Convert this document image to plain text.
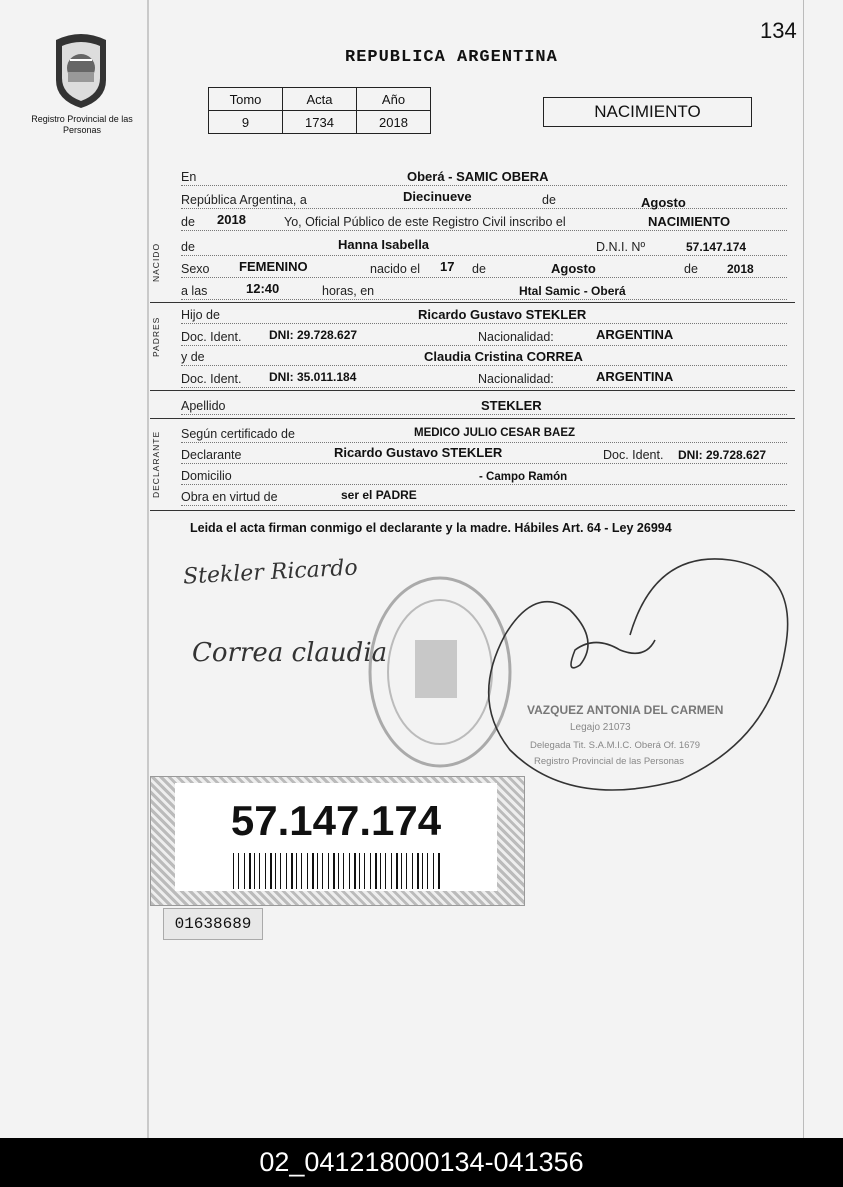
134
Registro Provincial de las Personas
REPUBLICA ARGENTINA
Tomo	Acta	Año
9	1734	2018
NACIMIENTO
En	Oberá - SAMIC OBERA
República Argentina, a	Diecinueve	de	Agosto
de 2018	Yo, Oficial Público de este Registro Civil inscribo el	NACIMIENTO
de	Hanna Isabella	D.N.I. Nº	57.147.174
Sexo FEMENINO	nacido el 17 de	Agosto	de 2018
a las	12:40	horas, en	Htal Samic - Oberá
NACIDO
Hijo de	Ricardo Gustavo STEKLER
Doc. Ident. DNI: 29.728.627	Nacionalidad:	ARGENTINA
y de	Claudia Cristina CORREA
Doc. Ident. DNI: 35.011.184	Nacionalidad:	ARGENTINA
PADRES
Apellido	STEKLER
Según certificado de	MEDICO JULIO CESAR BAEZ
Declarante	Ricardo Gustavo STEKLER	Doc. Ident. DNI: 29.728.627
Domicilio	- Campo Ramón
Obra en virtud de	ser el PADRE
DECLARANTE
Leida el acta firman conmigo el declarante y la madre. Hábiles Art. 64 - Ley 26994
Stekler Ricardo
Correa claudia
VAZQUEZ ANTONIA DEL CARMEN
Legajo 21073
Delegada Tit. S.A.M.I.C. Oberá Of. 1679
Registro Provincial de las Personas
57.147.174
01638689
02_041218000134-041356
